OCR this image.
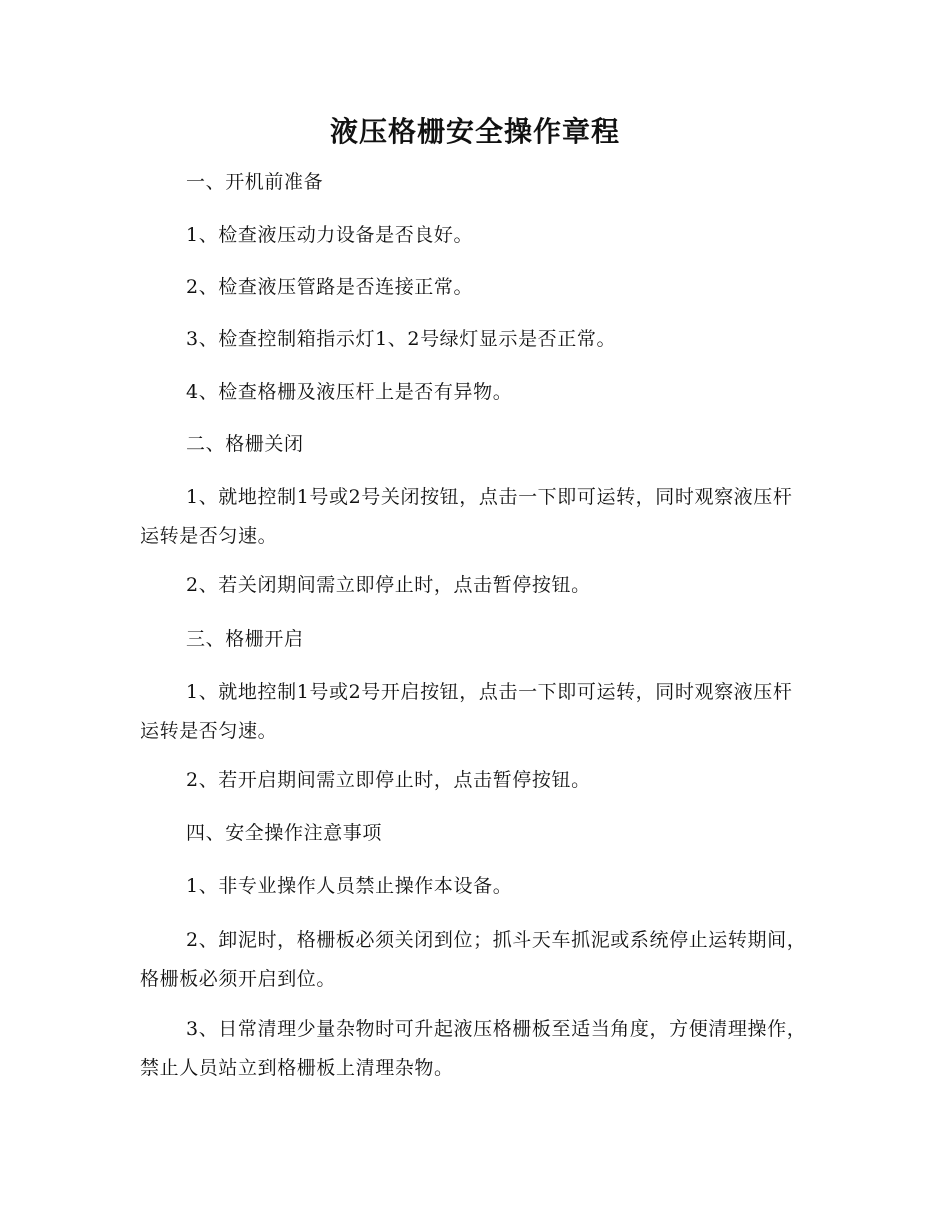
液压格栅安全操作章程

一、开机前准备

1、检查液压动力设备是否良好。

2、检查液压管路是否连接正常。

3、检查控制箱指示灯1、2号绿灯显示是否正常。

4、检查格栅及液压杆上是否有异物。

二、格栅关闭

1、就地控制1号或2号关闭按钮，点击一下即可运转，同时观察液压杆运转是否匀速。

2、若关闭期间需立即停止时，点击暂停按钮。

三、格栅开启

1、就地控制1号或2号开启按钮，点击一下即可运转，同时观察液压杆运转是否匀速。

2、若开启期间需立即停止时，点击暂停按钮。

四、安全操作注意事项

1、非专业操作人员禁止操作本设备。

2、卸泥时，格栅板必须关闭到位；抓斗天车抓泥或系统停止运转期间，格栅板必须开启到位。

3、日常清理少量杂物时可升起液压格栅板至适当角度，方便清理操作，禁止人员站立到格栅板上清理杂物。
